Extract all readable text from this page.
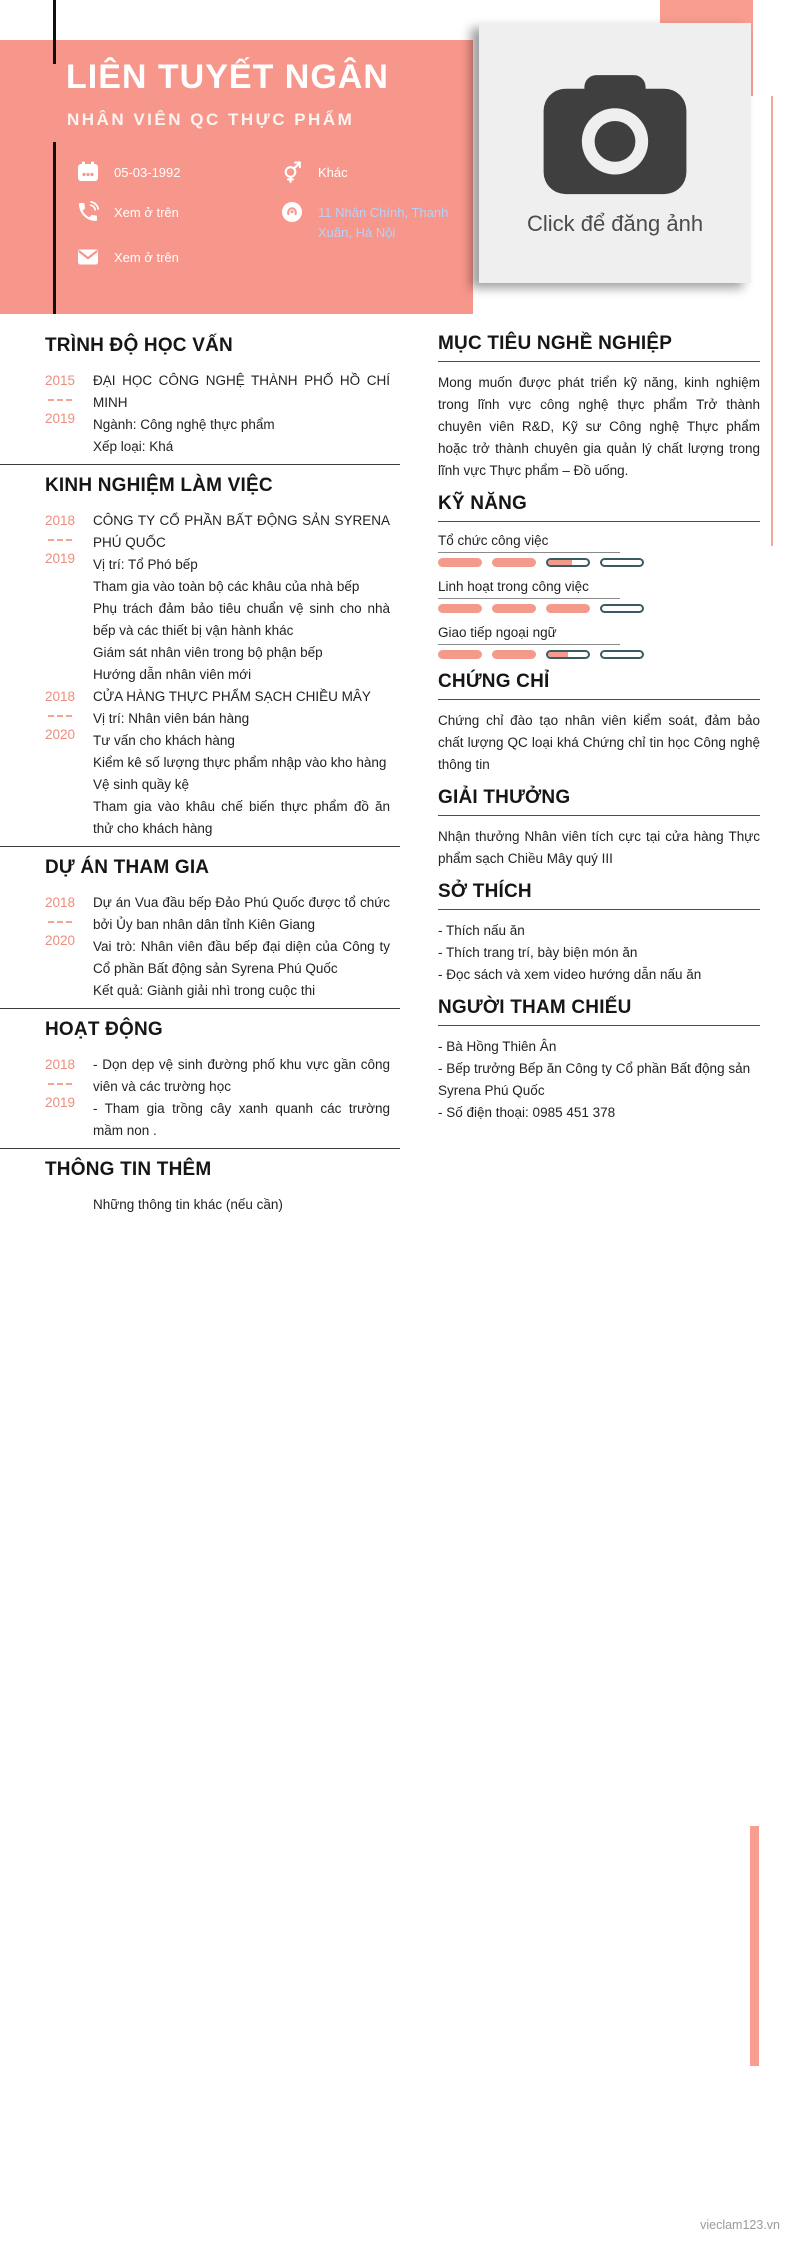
LIÊN TUYẾT NGÂN
NHÂN VIÊN QC THỰC PHẨM
05-03-1992	Khác
Xem ở trên	11 Nhân Chính, Thanh Xuân, Hà Nội
Xem ở trên
Click để đăng ảnh
TRÌNH ĐỘ HỌC VẤN
2015
2019
ĐẠI HỌC CÔNG NGHỆ THÀNH PHỐ HỒ CHÍ MINH
Ngành: Công nghệ thực phẩm
Xếp loại: Khá
KINH NGHIỆM LÀM VIỆC
2018
2019
CÔNG TY CỔ PHẦN BẤT ĐỘNG SẢN SYRENA PHÚ QUỐC
Vị trí: Tổ Phó bếp
Tham gia vào toàn bộ các khâu của nhà bếp
Phụ trách đảm bảo tiêu chuẩn vệ sinh cho nhà bếp và các thiết bị vận hành khác
Giám sát nhân viên trong bộ phận bếp
Hướng dẫn nhân viên mới
2018
2020
CỬA HÀNG THỰC PHẨM SẠCH CHIỀU MÂY
Vị trí: Nhân viên bán hàng
Tư vấn cho khách hàng
Kiểm kê số lượng thực phẩm nhập vào kho hàng
Vệ sinh quầy kệ
Tham gia vào khâu chế biến thực phẩm đồ ăn thử cho khách hàng
DỰ ÁN THAM GIA
2018
2020
Dự án Vua đầu bếp Đảo Phú Quốc được tổ chức bởi Ủy ban nhân dân tỉnh Kiên Giang
Vai trò: Nhân viên đầu bếp đại diện của Công ty Cổ phần Bất động sản Syrena Phú Quốc
Kết quả: Giành giải nhì trong cuộc thi
HOẠT ĐỘNG
2018
2019
- Dọn dẹp vệ sinh đường phố khu vực gần công viên và các trường học
- Tham gia trồng cây xanh quanh các trường mầm non .
THÔNG TIN THÊM
Những thông tin khác (nếu cần)
MỤC TIÊU NGHỀ NGHIỆP
Mong muốn được phát triển kỹ năng, kinh nghiệm trong lĩnh vực công nghệ thực phẩm Trở thành chuyên viên R&D, Kỹ sư Công nghệ Thực phẩm hoặc trở thành chuyên gia quản lý chất lượng trong lĩnh vực Thực phẩm – Đồ uống.
KỸ NĂNG
Tổ chức công việc
Linh hoạt trong công việc
Giao tiếp ngoại ngữ
CHỨNG CHỈ
Chứng chỉ đào tạo nhân viên kiểm soát, đảm bảo chất lượng QC loại khá Chứng chỉ tin học Công nghệ thông tin
GIẢI THƯỞNG
Nhận thưởng Nhân viên tích cực tại cửa hàng Thực phẩm sạch Chiều Mây quý III
SỞ THÍCH
- Thích nấu ăn
- Thích trang trí, bày biện món ăn
- Đọc sách và xem video hướng dẫn nấu ăn
NGƯỜI THAM CHIẾU
- Bà Hồng Thiên Ân
- Bếp trưởng Bếp ăn Công ty Cổ phần Bất động sản Syrena Phú Quốc
- Số điện thoại: 0985 451 378
vieclam123.vn
